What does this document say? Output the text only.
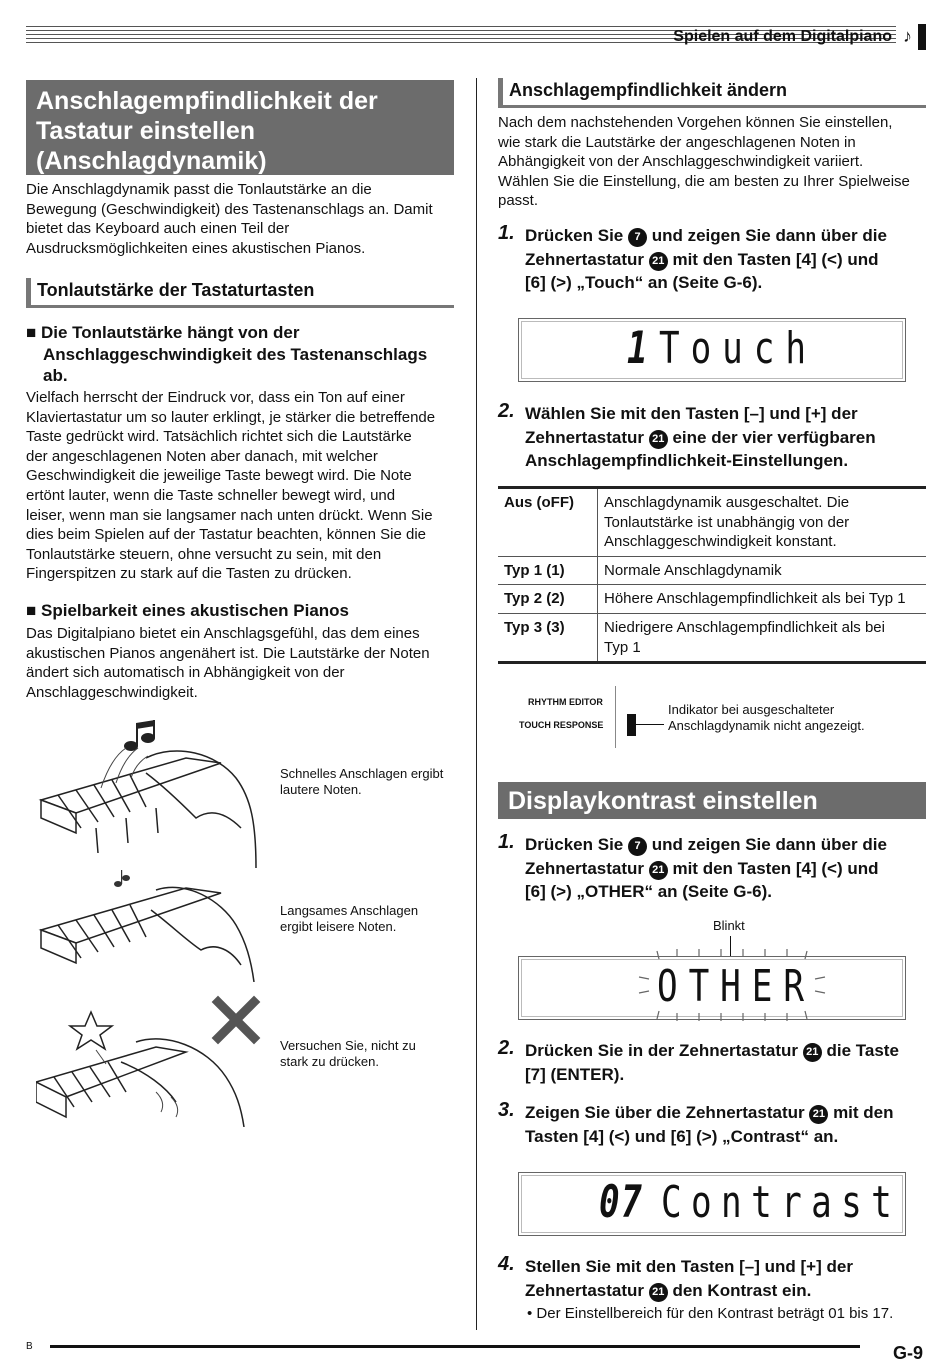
Spielen auf dem Digitalpiano ♪
Anschlagempfindlichkeit der
Tastatur einstellen
(Anschlagdynamik)
Die Anschlagdynamik passt die Tonlautstärke an die
Bewegung (Geschwindigkeit) des Tastenanschlags an. Damit
bietet das Keyboard auch einen Teil der
Ausdrucksmöglichkeiten eines akustischen Pianos.
Tonlautstärke der Tastaturtasten
■ Die Tonlautstärke hängt von der
Anschlaggeschwindigkeit des Tastenanschlags
ab.
Vielfach herrscht der Eindruck vor, dass ein Ton auf einer
Klaviertastatur um so lauter erklingt, je stärker die betreffende
Taste gedrückt wird. Tatsächlich richtet sich die Lautstärke
der angeschlagenen Noten aber danach, mit welcher
Geschwindigkeit die jeweilige Taste bewegt wird. Die Note
ertönt lauter, wenn die Taste schneller bewegt wird, und
leiser, wenn man sie langsamer nach unten drückt. Wenn Sie
dies beim Spielen auf der Tastatur beachten, können Sie die
Tonlautstärke steuern, ohne versucht zu sein, mit den
Fingerspitzen zu stark auf die Tasten zu drücken.
■ Spielbarkeit eines akustischen Pianos
Das Digitalpiano bietet ein Anschlagsgefühl, das dem eines
akustischen Pianos angenähert ist. Die Lautstärke der Noten
ändert sich automatisch in Abhängigkeit von der
Anschlaggeschwindigkeit.
Schnelles Anschlagen ergibt
lautere Noten.
Langsames Anschlagen
ergibt leisere Noten.
Versuchen Sie, nicht zu
stark zu drücken.
Anschlagempfindlichkeit ändern
Nach dem nachstehenden Vorgehen können Sie einstellen,
wie stark die Lautstärke der angeschlagenen Noten in
Abhängigkeit von der Anschlaggeschwindigkeit variiert.
Wählen Sie die Einstellung, die am besten zu Ihrer Spielweise
passt.
1. Drücken Sie 7 und zeigen Sie dann über die
Zehnertastatur 21 mit den Tasten [4] (<) und
[6] (>) „Touch“ an (Seite G-6).
1 Touch
2. Wählen Sie mit den Tasten [–] und [+] der
Zehnertastatur 21 eine der vier verfügbaren
Anschlagempfindlichkeit-Einstellungen.
Aus (oFF)	Anschlagdynamik ausgeschaltet. Die
Tonlautstärke ist unabhängig von der
Anschlaggeschwindigkeit konstant.

Typ 1 (1)	Normale Anschlagdynamik

Typ 2 (2)	Höhere Anschlagempfindlichkeit als bei Typ 1

Typ 3 (3)	Niedrigere Anschlagempfindlichkeit als bei
Typ 1
RHYTHM EDITOR
TOUCH RESPONSE
Indikator bei ausgeschalteter
Anschlagdynamik nicht angezeigt.
Displaykontrast einstellen
1. Drücken Sie 7 und zeigen Sie dann über die
Zehnertastatur 21 mit den Tasten [4] (<) und
[6] (>) „OTHER“ an (Seite G-6).
Blinkt
OTHER
2. Drücken Sie in der Zehnertastatur 21 die Taste
[7] (ENTER).
3. Zeigen Sie über die Zehnertastatur 21 mit den
Tasten [4] (<) und [6] (>) „Contrast“ an.
07 Contrast
4. Stellen Sie mit den Tasten [–] und [+] der
Zehnertastatur 21 den Kontrast ein.
• Der Einstellbereich für den Kontrast beträgt 01 bis 17.
B	G-9
